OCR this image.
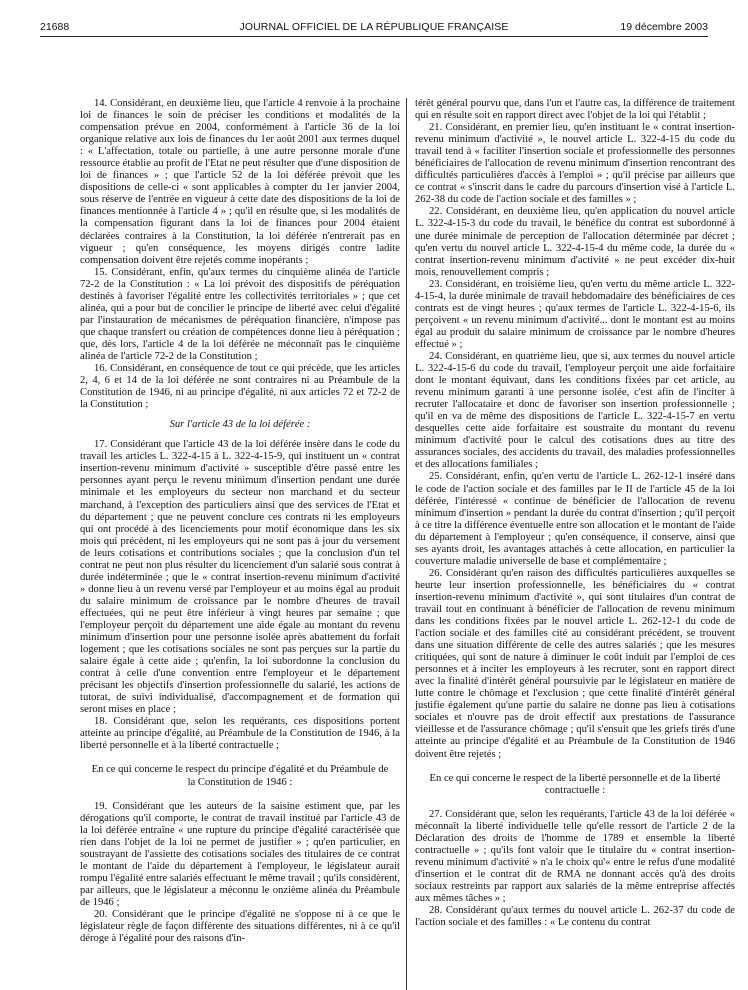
21688	JOURNAL OFFICIEL DE LA RÉPUBLIQUE FRANÇAISE	19 décembre 2003

14. Considérant, en deuxième lieu, que l'article 4 renvoie à la prochaine loi de finances le soin de préciser les conditions et modalités de la compensation prévue en 2004, conformément à l'article 36 de la loi organique relative aux lois de finances du 1er août 2001 aux termes duquel : « L'affectation, totale ou partielle, à une autre personne morale d'une ressource établie au profit de l'Etat ne peut résulter que d'une disposition de loi de finances » ; que l'article 52 de la loi déférée prévoit que les dispositions de celle-ci « sont applicables à compter du 1er janvier 2004, sous réserve de l'entrée en vigueur à cette date des dispositions de la loi de finances mentionnée à l'article 4 » ; qu'il en résulte que, si les modalités de la compensation figurant dans la loi de finances pour 2004 étaient déclarées contraires à la Constitution, la loi déférée n'entrerait pas en vigueur ; qu'en conséquence, les moyens dirigés contre ladite compensation doivent être rejetés comme inopérants ;

15. Considérant, enfin, qu'aux termes du cinquième alinéa de l'article 72-2 de la Constitution : « La loi prévoit des dispositifs de péréquation destinés à favoriser l'égalité entre les collectivités territoriales » ; que cet alinéa, qui a pour but de concilier le principe de liberté avec celui d'égalité par l'instauration de mécanismes de péréquation financière, n'impose pas que chaque transfert ou création de compétences donne lieu à péréquation ; que, dès lors, l'article 4 de la loi déférée ne méconnaît pas le cinquième alinéa de l'article 72-2 de la Constitution ;

16. Considérant, en conséquence de tout ce qui précède, que les articles 2, 4, 6 et 14 de la loi déférée ne sont contraires ni au Préambule de la Constitution de 1946, ni au principe d'égalité, ni aux articles 72 et 72-2 de la Constitution ;

Sur l'article 43 de la loi déférée :

17. Considérant que l'article 43 de la loi déférée insère dans le code du travail les articles L. 322-4-15 à L. 322-4-15-9, qui instituent un « contrat insertion-revenu minimum d'activité » susceptible d'être passé entre les personnes ayant perçu le revenu minimum d'insertion pendant une durée minimale et les employeurs du secteur non marchand et du secteur marchand, à l'exception des particuliers ainsi que des services de l'Etat et du département ; que ne peuvent conclure ces contrats ni les employeurs qui ont procédé à des licenciements pour motif économique dans les six mois qui précèdent, ni les employeurs qui ne sont pas à jour du versement de leurs cotisations et contributions sociales ; que la conclusion d'un tel contrat ne peut non plus résulter du licenciement d'un salarié sous contrat à durée indéterminée ; que le « contrat insertion-revenu minimum d'activité » donne lieu à un revenu versé par l'employeur et au moins égal au produit du salaire minimum de croissance par le nombre d'heures de travail effectuées, qui ne peut être inférieur à vingt heures par semaine ; que l'employeur perçoit du département une aide égale au montant du revenu minimum d'insertion pour une personne isolée après abattement du forfait logement ; que les cotisations sociales ne sont pas perçues sur la partie du salaire égale à cette aide ; qu'enfin, la loi subordonne la conclusion du contrat à celle d'une convention entre l'employeur et le département précisant les objectifs d'insertion professionnelle du salarié, les actions de tutorat, de suivi individualisé, d'accompagnement et de formation qui seront mises en place ;

18. Considérant que, selon les requérants, ces dispositions portent atteinte au principe d'égalité, au Préambule de la Constitution de 1946, à la liberté personnelle et à la liberté contractuelle ;

En ce qui concerne le respect du principe d'égalité et du Préambule de la Constitution de 1946 :

19. Considérant que les auteurs de la saisine estiment que, par les dérogations qu'il comporte, le contrat de travail institué par l'article 43 de la loi déférée entraîne « une rupture du principe d'égalité caractérisée que rien dans l'objet de la loi ne permet de justifier » ; qu'en particulier, en soustrayant de l'assiette des cotisations sociales des titulaires de ce contrat le montant de l'aide du département à l'employeur, le législateur aurait rompu l'égalité entre salariés effectuant le même travail ; qu'ils considèrent, par ailleurs, que le législateur a méconnu le onzième alinéa du Préambule de 1946 ;

20. Considérant que le principe d'égalité ne s'oppose ni à ce que le législateur règle de façon différente des situations différentes, ni à ce qu'il déroge à l'égalité pour des raisons d'in-

térêt général pourvu que, dans l'un et l'autre cas, la différence de traitement qui en résulte soit en rapport direct avec l'objet de la loi qui l'établit ;

21. Considérant, en premier lieu, qu'en instituant le « contrat insertion-revenu minimum d'activité », le nouvel article L. 322-4-15 du code du travail tend à « faciliter l'insertion sociale et professionnelle des personnes bénéficiaires de l'allocation de revenu minimum d'insertion rencontrant des difficultés particulières d'accès à l'emploi » ; qu'il précise par ailleurs que ce contrat « s'inscrit dans le cadre du parcours d'insertion visé à l'article L. 262-38 du code de l'action sociale et des familles » ;

22. Considérant, en deuxième lieu, qu'en application du nouvel article L. 322-4-15-3 du code du travail, le bénéfice du contrat est subordonné à une durée minimale de perception de l'allocation déterminée par décret ; qu'en vertu du nouvel article L. 322-4-15-4 du même code, la durée du « contrat insertion-revenu minimum d'activité » ne peut excéder dix-huit mois, renouvellement compris ;

23. Considérant, en troisième lieu, qu'en vertu du même article L. 322-4-15-4, la durée minimale de travail hebdomadaire des bénéficiaires de ces contrats est de vingt heures ; qu'aux termes de l'article L. 322-4-15-6, ils perçoivent « un revenu minimum d'activité... dont le montant est au moins égal au produit du salaire minimum de croissance par le nombre d'heures effectué » ;

24. Considérant, en quatrième lieu, que si, aux termes du nouvel article L. 322-4-15-6 du code du travail, l'employeur perçoit une aide forfaitaire dont le montant équivaut, dans les conditions fixées par cet article, au revenu minimum garanti à une personne isolée, c'est afin de l'inciter à recruter l'allocataire et donc de favoriser son insertion professionnelle ; qu'il en va de même des dispositions de l'article L. 322-4-15-7 en vertu desquelles cette aide forfaitaire est soustraite du montant du revenu minimum d'activité pour le calcul des cotisations dues au titre des assurances sociales, des accidents du travail, des maladies professionnelles et des allocations familiales ;

25. Considérant, enfin, qu'en vertu de l'article L. 262-12-1 inséré dans le code de l'action sociale et des familles par le II de l'article 45 de la loi déférée, l'intéressé « continue de bénéficier de l'allocation de revenu minimum d'insertion » pendant la durée du contrat d'insertion ; qu'il perçoit à ce titre la différence éventuelle entre son allocation et le montant de l'aide du département à l'employeur ; qu'en conséquence, il conserve, ainsi que ses ayants droit, les avantages attachés à cette allocation, en particulier la couverture maladie universelle de base et complémentaire ;

26. Considérant qu'en raison des difficultés particulières auxquelles se heurte leur insertion professionnelle, les bénéficiaires du « contrat insertion-revenu minimum d'activité », qui sont titulaires d'un contrat de travail tout en continuant à bénéficier de l'allocation de revenu minimum dans les conditions fixées par le nouvel article L. 262-12-1 du code de l'action sociale et des familles cité au considérant précédent, se trouvent dans une situation différente de celle des autres salariés ; que les mesures critiquées, qui sont de nature à diminuer le coût induit par l'emploi de ces personnes et à inciter les employeurs à les recruter, sont en rapport direct avec la finalité d'intérêt général poursuivie par le législateur en matière de lutte contre le chômage et l'exclusion ; que cette finalité d'intérêt général justifie également qu'une partie du salaire ne donne pas lieu à cotisations sociales et n'ouvre pas de droit effectif aux prestations de l'assurance vieillesse et de l'assurance chômage ; qu'il s'ensuit que les griefs tirés d'une atteinte au principe d'égalité et au Préambule de la Constitution de 1946 doivent être rejetés ;

En ce qui concerne le respect de la liberté personnelle et de la liberté contractuelle :

27. Considérant que, selon les requérants, l'article 43 de la loi déférée « méconnaît la liberté individuelle telle qu'elle ressort de l'article 2 de la Déclaration des droits de l'homme de 1789 et ensemble la liberté contractuelle » ; qu'ils font valoir que le titulaire du « contrat insertion-revenu minimum d'activité » n'a le choix qu'« entre le refus d'une modalité d'insertion et le contrat dit de RMA ne donnant accès qu'à des droits sociaux restreints par rapport aux salariés de la même entreprise affectés aux mêmes tâches » ;

28. Considérant qu'aux termes du nouvel article L. 262-37 du code de l'action sociale et des familles : « Le contenu du contrat
